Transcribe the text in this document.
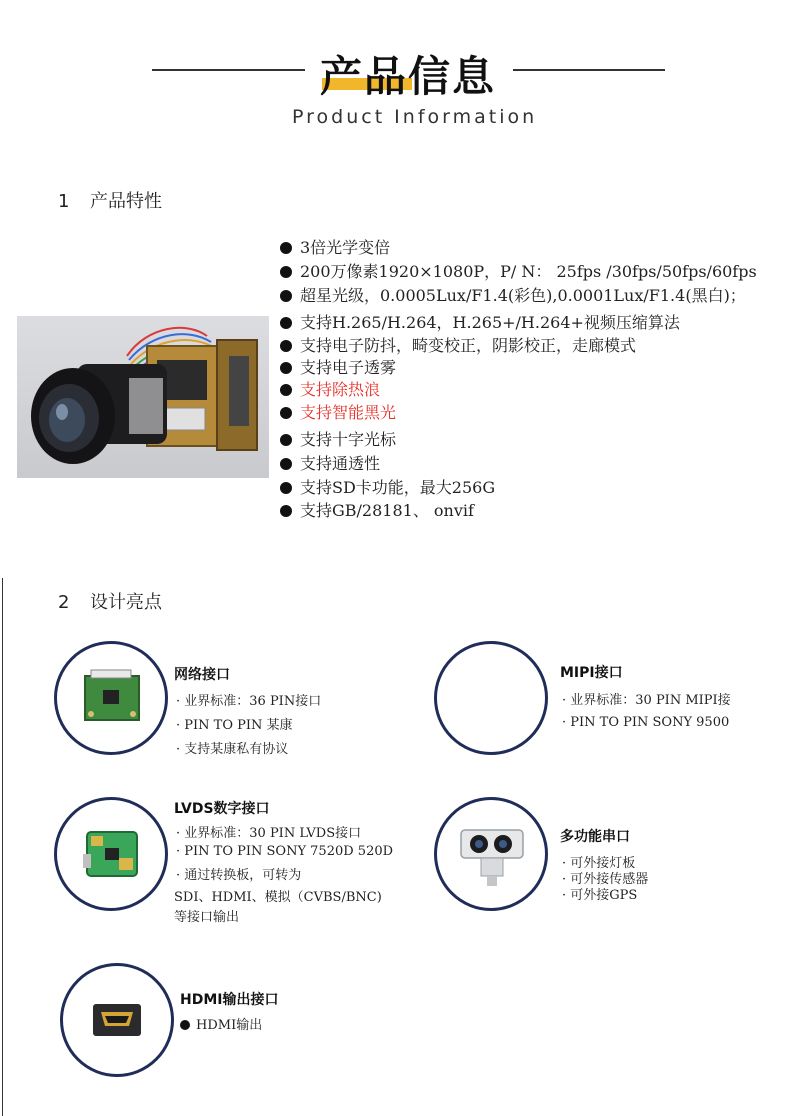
产品信息
Product Information
1 产品特性
3倍光学变倍
200万像素1920×1080P，P/ N： 25fps /30fps/50fps/60fps
超星光级，0.0005Lux/F1.4(彩色),0.0001Lux/F1.4(黑白)；
支持H.265/H.264，H.265+/H.264+视频压缩算法
支持电子防抖，畸变校正，阴影校正，走廊模式
支持电子透雾
支持除热浪
支持智能黑光
支持十字光标
支持通透性
支持SD卡功能，最大256G
支持GB/28181、 onvif
2 设计亮点
网络接口
· 业界标准：36 PIN接口
· PIN TO PIN 某康
· 支持某康私有协议
MIPI接口
· 业界标准：30 PIN MIPI接
· PIN TO PIN SONY 9500
LVDS数字接口
· 业界标准：30 PIN LVDS接口
· PIN TO PIN SONY 7520D 520D
· 通过转换板，可转为
SDI、HDMI、模拟（CVBS/BNC)
等接口输出
多功能串口
· 可外接灯板
· 可外接传感器
· 可外接GPS
HDMI输出接口
HDMI输出
